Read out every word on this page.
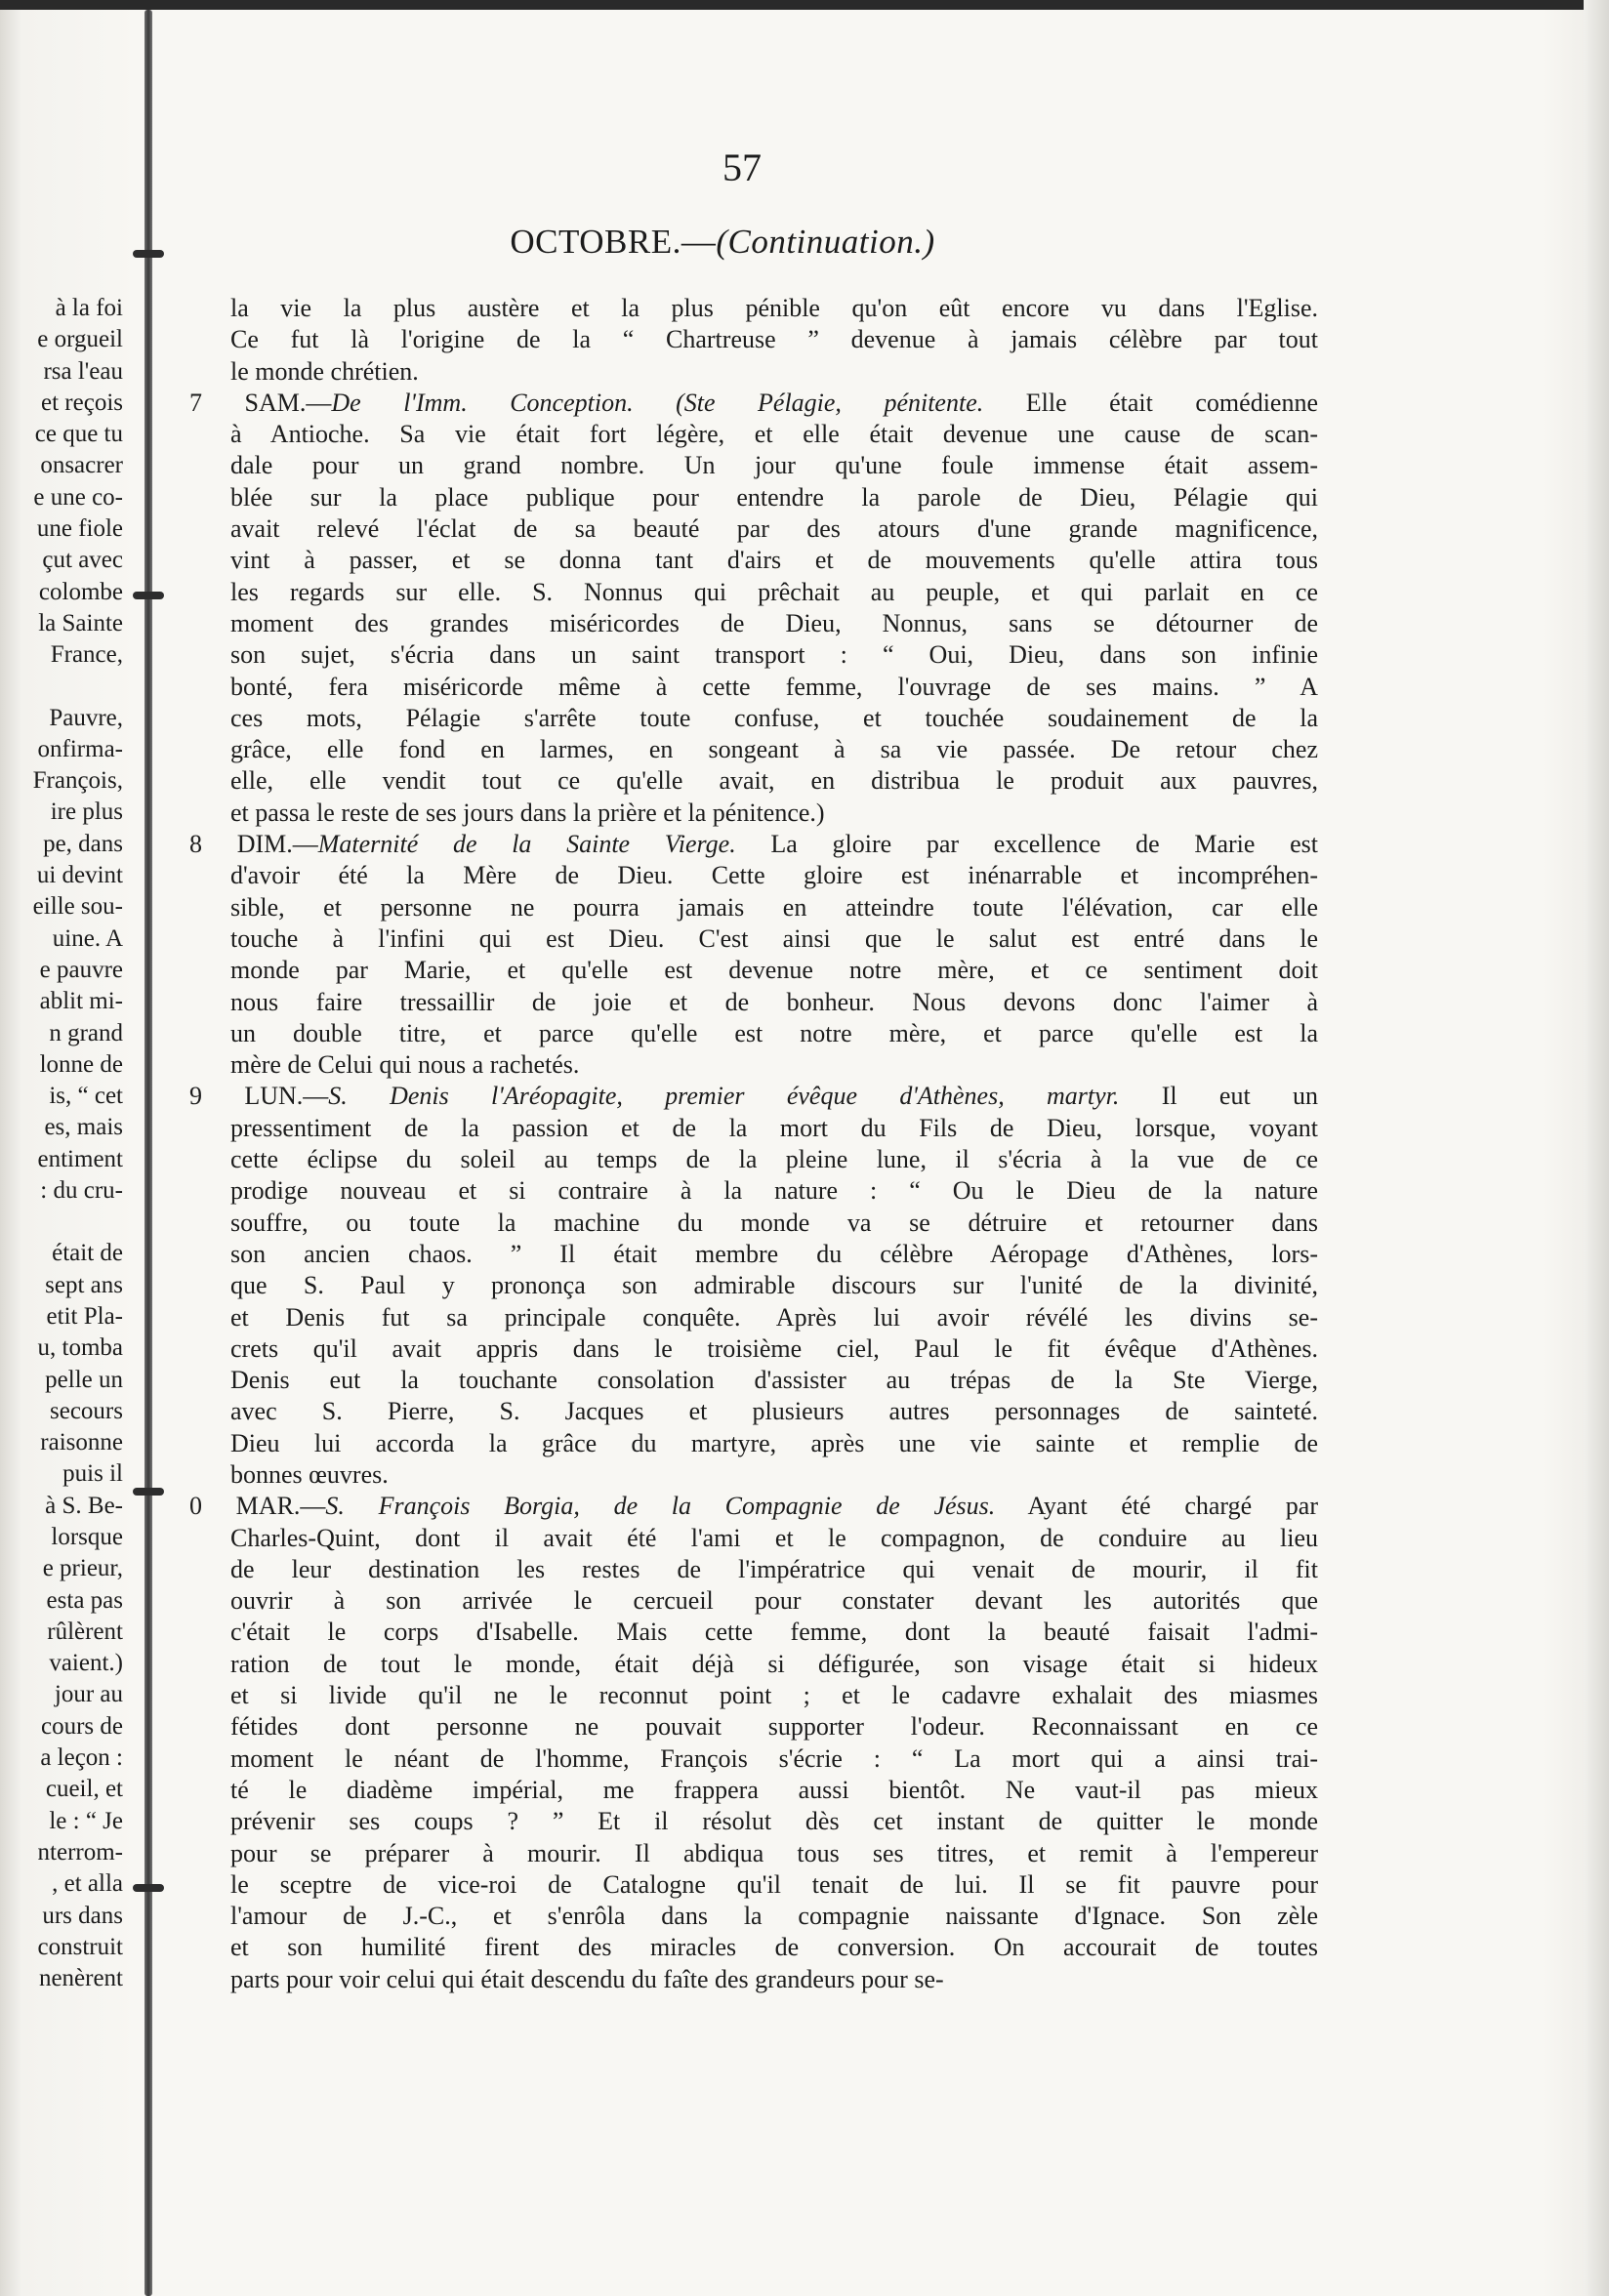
à la foi
e orgueil
rsa l'eau
et reçois
ce que tu
onsacrer
e une co-
une fiole
çut avec
colombe
la Sainte
France,
Pauvre,
onfirma-
François,
ire plus
pe, dans
ui devint
eille sou-
uine. A
e pauvre
ablit mi-
n grand
lonne de
is, “ cet
es, mais
entiment
: du cru-
était de
sept ans
etit Pla-
u, tomba
pelle un
secours
raisonne
puis il
à S. Be-
lorsque
e prieur,
esta pas
rûlèrent
vaient.)
jour au
cours de
a leçon :
cueil, et
le : “ Je
nterrom-
, et alla
urs dans
construit
nenèrent
57
OCTOBRE.—(Continuation.)
la vie la plus austère et la plus pénible qu'on eût encore vu dans l'Eglise.
Ce fut là l'origine de la “ Chartreuse ” devenue à jamais célèbre par tout
le monde chrétien.
7 SAM.—De l'Imm. Conception. (Ste Pélagie, pénitente. Elle était comédienne
à Antioche. Sa vie était fort légère, et elle était devenue une cause de scan-
dale pour un grand nombre. Un jour qu'une foule immense était assem-
blée sur la place publique pour entendre la parole de Dieu, Pélagie qui
avait relevé l'éclat de sa beauté par des atours d'une grande magnificence,
vint à passer, et se donna tant d'airs et de mouvements qu'elle attira tous
les regards sur elle. S. Nonnus qui prêchait au peuple, et qui parlait en ce
moment des grandes miséricordes de Dieu, Nonnus, sans se détourner de
son sujet, s'écria dans un saint transport : “ Oui, Dieu, dans son infinie
bonté, fera miséricorde même à cette femme, l'ouvrage de ses mains. ” A
ces mots, Pélagie s'arrête toute confuse, et touchée soudainement de la
grâce, elle fond en larmes, en songeant à sa vie passée. De retour chez
elle, elle vendit tout ce qu'elle avait, en distribua le produit aux pauvres,
et passa le reste de ses jours dans la prière et la pénitence.)
8 DIM.—Maternité de la Sainte Vierge. La gloire par excellence de Marie est
d'avoir été la Mère de Dieu. Cette gloire est inénarrable et incompréhen-
sible, et personne ne pourra jamais en atteindre toute l'élévation, car elle
touche à l'infini qui est Dieu. C'est ainsi que le salut est entré dans le
monde par Marie, et qu'elle est devenue notre mère, et ce sentiment doit
nous faire tressaillir de joie et de bonheur. Nous devons donc l'aimer à
un double titre, et parce qu'elle est notre mère, et parce qu'elle est la
mère de Celui qui nous a rachetés.
9 LUN.—S. Denis l'Aréopagite, premier évêque d'Athènes, martyr. Il eut un
pressentiment de la passion et de la mort du Fils de Dieu, lorsque, voyant
cette éclipse du soleil au temps de la pleine lune, il s'écria à la vue de ce
prodige nouveau et si contraire à la nature : “ Ou le Dieu de la nature
souffre, ou toute la machine du monde va se détruire et retourner dans
son ancien chaos. ” Il était membre du célèbre Aéropage d'Athènes, lors-
que S. Paul y prononça son admirable discours sur l'unité de la divinité,
et Denis fut sa principale conquête. Après lui avoir révélé les divins se-
crets qu'il avait appris dans le troisième ciel, Paul le fit évêque d'Athènes.
Denis eut la touchante consolation d'assister au trépas de la Ste Vierge,
avec S. Pierre, S. Jacques et plusieurs autres personnages de sainteté.
Dieu lui accorda la grâce du martyre, après une vie sainte et remplie de
bonnes œuvres.
0 MAR.—S. François Borgia, de la Compagnie de Jésus. Ayant été chargé par
Charles-Quint, dont il avait été l'ami et le compagnon, de conduire au lieu
de leur destination les restes de l'impératrice qui venait de mourir, il fit
ouvrir à son arrivée le cercueil pour constater devant les autorités que
c'était le corps d'Isabelle. Mais cette femme, dont la beauté faisait l'admi-
ration de tout le monde, était déjà si défigurée, son visage était si hideux
et si livide qu'il ne le reconnut point ; et le cadavre exhalait des miasmes
fétides dont personne ne pouvait supporter l'odeur. Reconnaissant en ce
moment le néant de l'homme, François s'écrie : “ La mort qui a ainsi trai-
té le diadème impérial, me frappera aussi bientôt. Ne vaut-il pas mieux
prévenir ses coups ? ” Et il résolut dès cet instant de quitter le monde
pour se préparer à mourir. Il abdiqua tous ses titres, et remit à l'empereur
le sceptre de vice-roi de Catalogne qu'il tenait de lui. Il se fit pauvre pour
l'amour de J.-C., et s'enrôla dans la compagnie naissante d'Ignace. Son zèle
et son humilité firent des miracles de conversion. On accourait de toutes
parts pour voir celui qui était descendu du faîte des grandeurs pour se-
